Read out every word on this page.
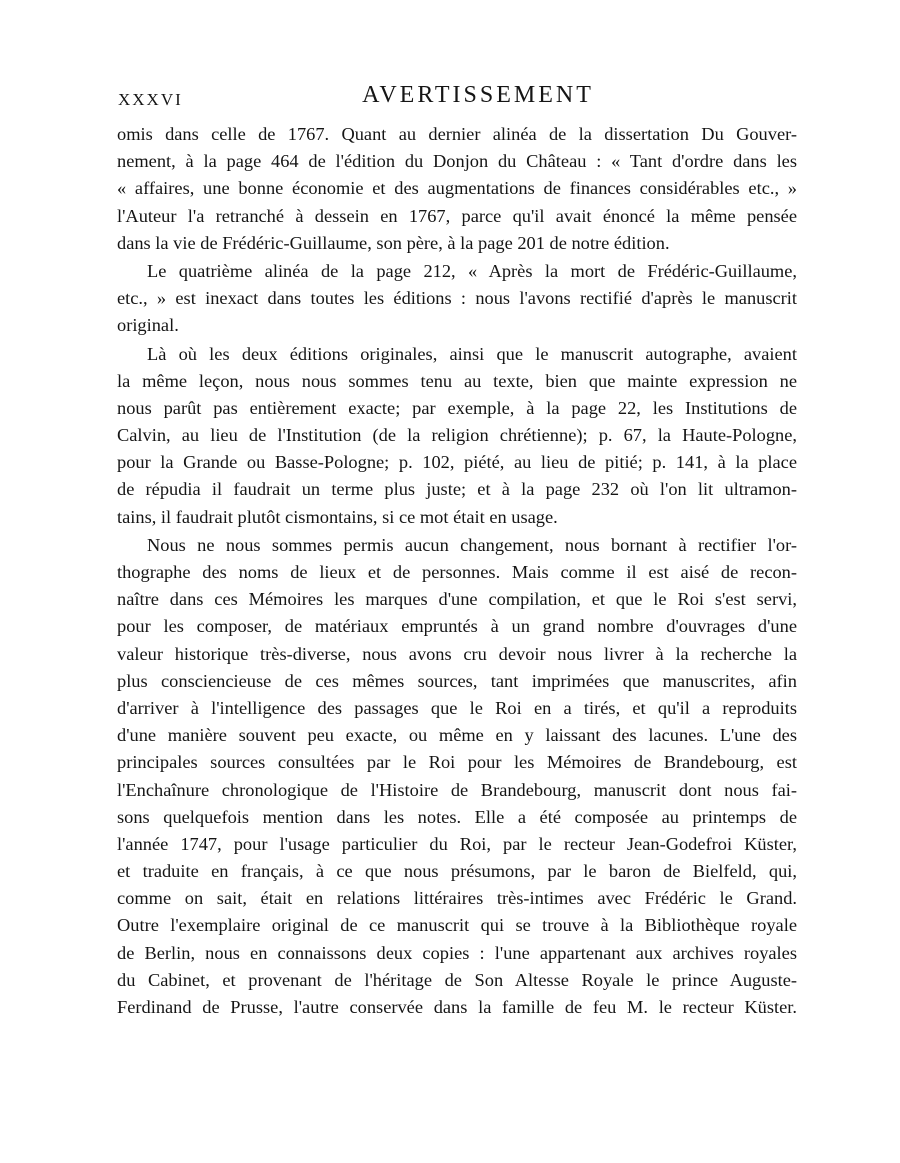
XXXVI	AVERTISSEMENT
omis dans celle de 1767. Quant au dernier alinéa de la dissertation Du Gouver-
nement, à la page 464 de l'édition du Donjon du Château : « Tant d'ordre dans les
« affaires, une bonne économie et des augmentations de finances considérables etc., »
l'Auteur l'a retranché à dessein en 1767, parce qu'il avait énoncé la même pensée
dans la vie de Frédéric-Guillaume, son père, à la page 201 de notre édition.
Le quatrième alinéa de la page 212, « Après la mort de Frédéric-Guillaume,
etc., » est inexact dans toutes les éditions : nous l'avons rectifié d'après le manuscrit
original.
Là où les deux éditions originales, ainsi que le manuscrit autographe, avaient
la même leçon, nous nous sommes tenu au texte, bien que mainte expression ne
nous parût pas entièrement exacte; par exemple, à la page 22, les Institutions de
Calvin, au lieu de l'Institution (de la religion chrétienne); p. 67, la Haute-Pologne,
pour la Grande ou Basse-Pologne; p. 102, piété, au lieu de pitié; p. 141, à la place
de répudia il faudrait un terme plus juste; et à la page 232 où l'on lit ultramon-
tains, il faudrait plutôt cismontains, si ce mot était en usage.
Nous ne nous sommes permis aucun changement, nous bornant à rectifier l'or-
thographe des noms de lieux et de personnes. Mais comme il est aisé de recon-
naître dans ces Mémoires les marques d'une compilation, et que le Roi s'est servi,
pour les composer, de matériaux empruntés à un grand nombre d'ouvrages d'une
valeur historique très-diverse, nous avons cru devoir nous livrer à la recherche la
plus consciencieuse de ces mêmes sources, tant imprimées que manuscrites, afin
d'arriver à l'intelligence des passages que le Roi en a tirés, et qu'il a reproduits
d'une manière souvent peu exacte, ou même en y laissant des lacunes. L'une des
principales sources consultées par le Roi pour les Mémoires de Brandebourg, est
l'Enchaînure chronologique de l'Histoire de Brandebourg, manuscrit dont nous fai-
sons quelquefois mention dans les notes. Elle a été composée au printemps de
l'année 1747, pour l'usage particulier du Roi, par le recteur Jean-Godefroi Küster,
et traduite en français, à ce que nous présumons, par le baron de Bielfeld, qui,
comme on sait, était en relations littéraires très-intimes avec Frédéric le Grand.
Outre l'exemplaire original de ce manuscrit qui se trouve à la Bibliothèque royale
de Berlin, nous en connaissons deux copies : l'une appartenant aux archives royales
du Cabinet, et provenant de l'héritage de Son Altesse Royale le prince Auguste-
Ferdinand de Prusse, l'autre conservée dans la famille de feu M. le recteur Küster.
